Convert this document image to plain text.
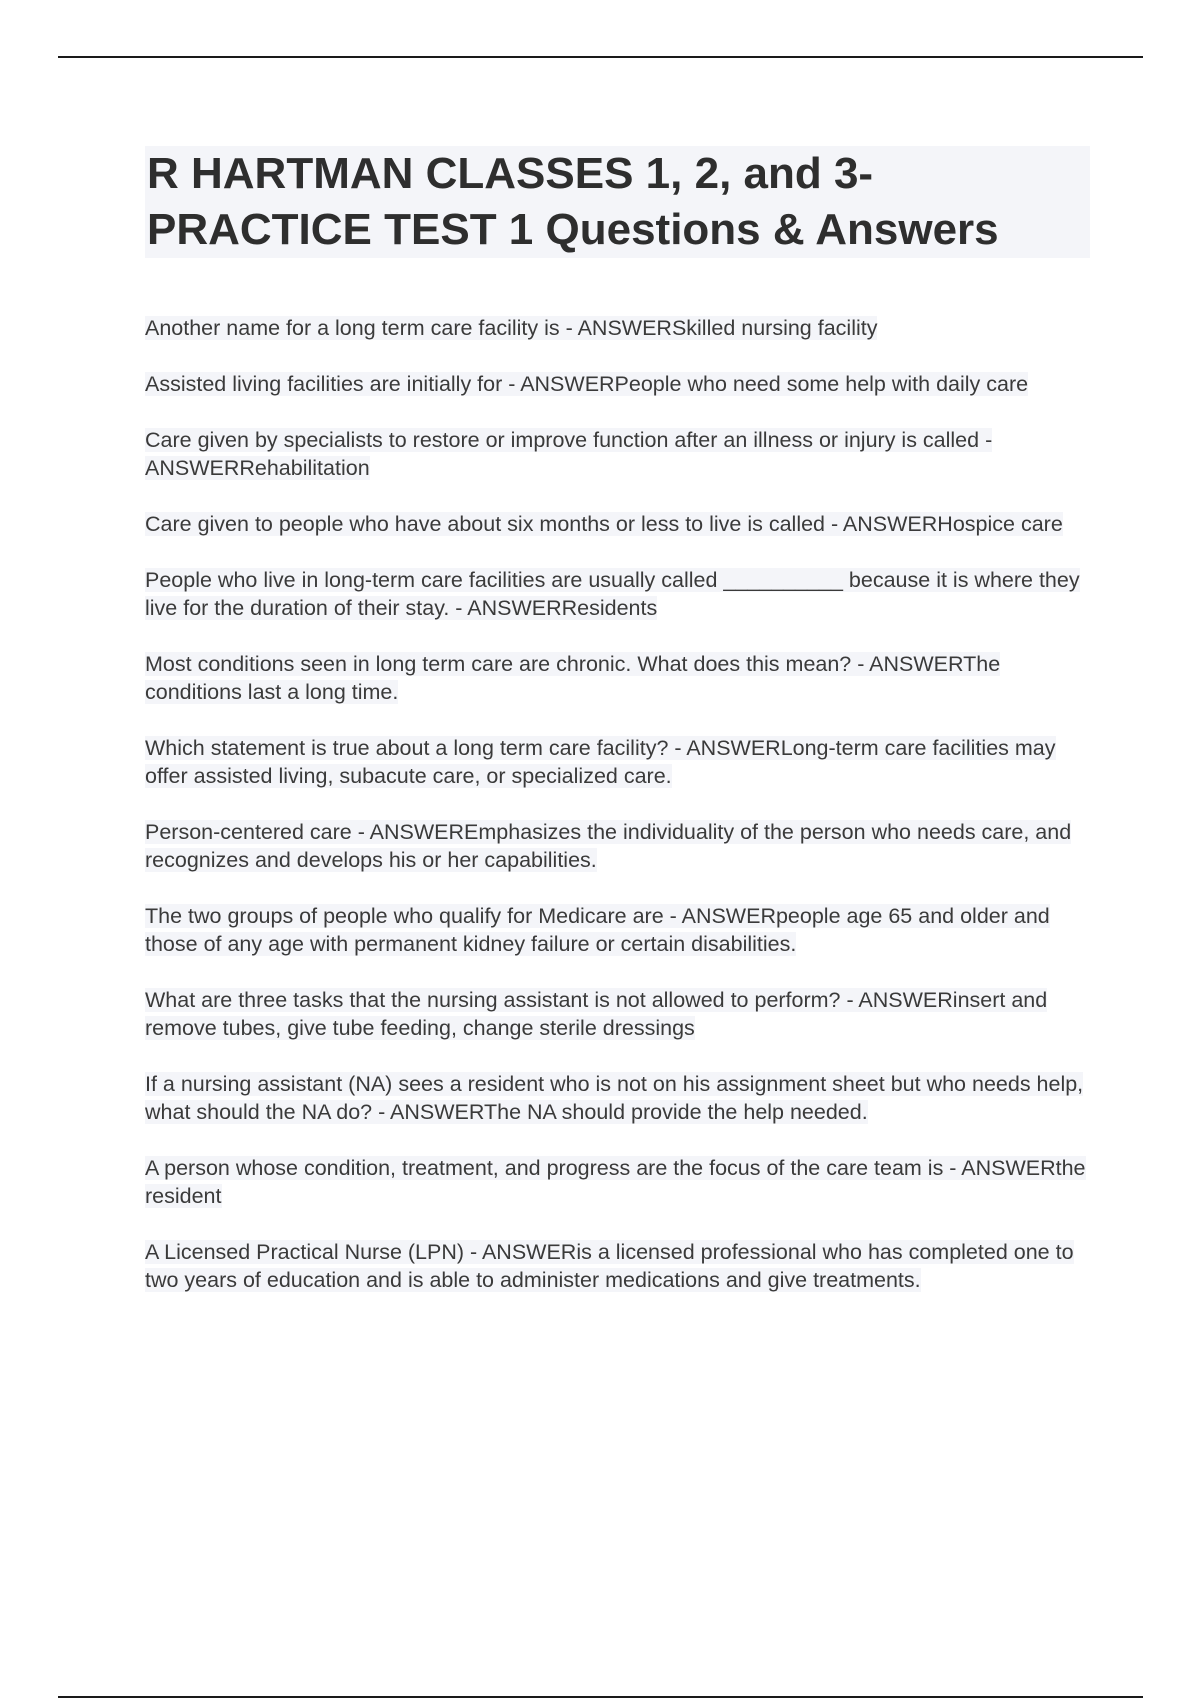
R HARTMAN CLASSES 1, 2, and 3- PRACTICE TEST 1 Questions & Answers

Another name for a long term care facility is - ANSWERSkilled nursing facility

Assisted living facilities are initially for - ANSWERPeople who need some help with daily care

Care given by specialists to restore or improve function after an illness or injury is called - ANSWERRehabilitation

Care given to people who have about six months or less to live is called - ANSWERHospice care

People who live in long-term care facilities are usually called __________ because it is where they live for the duration of their stay. - ANSWERResidents

Most conditions seen in long term care are chronic. What does this mean? - ANSWERThe conditions last a long time.

Which statement is true about a long term care facility? - ANSWERLong-term care facilities may offer assisted living, subacute care, or specialized care.

Person-centered care - ANSWEREmphasizes the individuality of the person who needs care, and recognizes and develops his or her capabilities.

The two groups of people who qualify for Medicare are - ANSWERpeople age 65 and older and those of any age with permanent kidney failure or certain disabilities.

What are three tasks that the nursing assistant is not allowed to perform? - ANSWERinsert and remove tubes, give tube feeding, change sterile dressings

If a nursing assistant (NA) sees a resident who is not on his assignment sheet but who needs help, what should the NA do? - ANSWERThe NA should provide the help needed.

A person whose condition, treatment, and progress are the focus of the care team is - ANSWERthe resident

A Licensed Practical Nurse (LPN) - ANSWERis a licensed professional who has completed one to two years of education and is able to administer medications and give treatments.
